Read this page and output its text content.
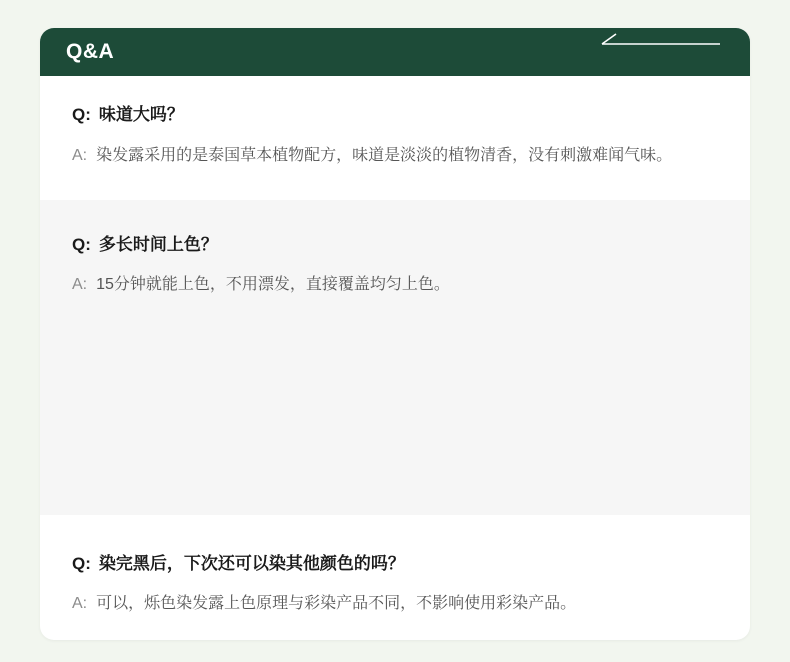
Q&A
Q: 味道大吗？
A: 染发露采用的是泰国草本植物配方，味道是淡淡的植物清香，没有刺激难闻气味。
Q: 多长时间上色？
A: 15分钟就能上色，不用漂发，直接覆盖均匀上色。
Q: 染完黑后，下次还可以染其他颜色的吗？
A: 可以，烁色染发露上色原理与彩染产品不同，不影响使用彩染产品。
